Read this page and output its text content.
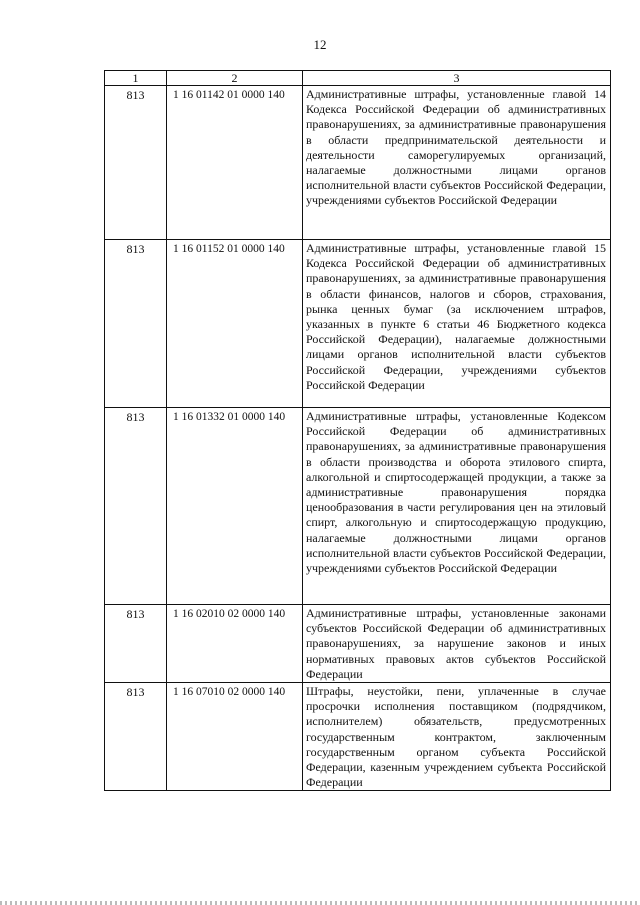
12
1	2	3
813	1 16 01142 01 0000 140	Административные штрафы, установленные главой 14 Кодекса Российской Федерации об административных правонарушениях, за административные правонарушения в области предпринимательской деятельности и деятельности саморегулируемых организаций, налагаемые должностными лицами органов исполнительной власти субъектов Российской Федерации, учреждениями субъектов Российской Федерации
813	1 16 01152 01 0000 140	Административные штрафы, установленные главой 15 Кодекса Российской Федерации об административных правонарушениях, за административные правонарушения в области финансов, налогов и сборов, страхования, рынка ценных бумаг (за исключением штрафов, указанных в пункте 6 статьи 46 Бюджетного кодекса Российской Федерации), налагаемые должностными лицами органов исполнительной власти субъектов Российской Федерации, учреждениями субъектов Российской Федерации
813	1 16 01332 01 0000 140	Административные штрафы, установленные Кодексом Российской Федерации об административных правонарушениях, за административные правонарушения в области производства и оборота этилового спирта, алкогольной и спиртосодержащей продукции, а также за административные правонарушения порядка ценообразования в части регулирования цен на этиловый спирт, алкогольную и спиртосодержащую продукцию, налагаемые должностными лицами органов исполнительной власти субъектов Российской Федерации, учреждениями субъектов Российской Федерации
813	1 16 02010 02 0000 140	Административные штрафы, установленные законами субъектов Российской Федерации об административных правонарушениях, за нарушение законов и иных нормативных правовых актов субъектов Российской Федерации
813	1 16 07010 02 0000 140	Штрафы, неустойки, пени, уплаченные в случае просрочки исполнения поставщиком (подрядчиком, исполнителем) обязательств, предусмотренных государственным контрактом, заключенным государственным органом субъекта Российской Федерации, казенным учреждением субъекта Российской Федерации
